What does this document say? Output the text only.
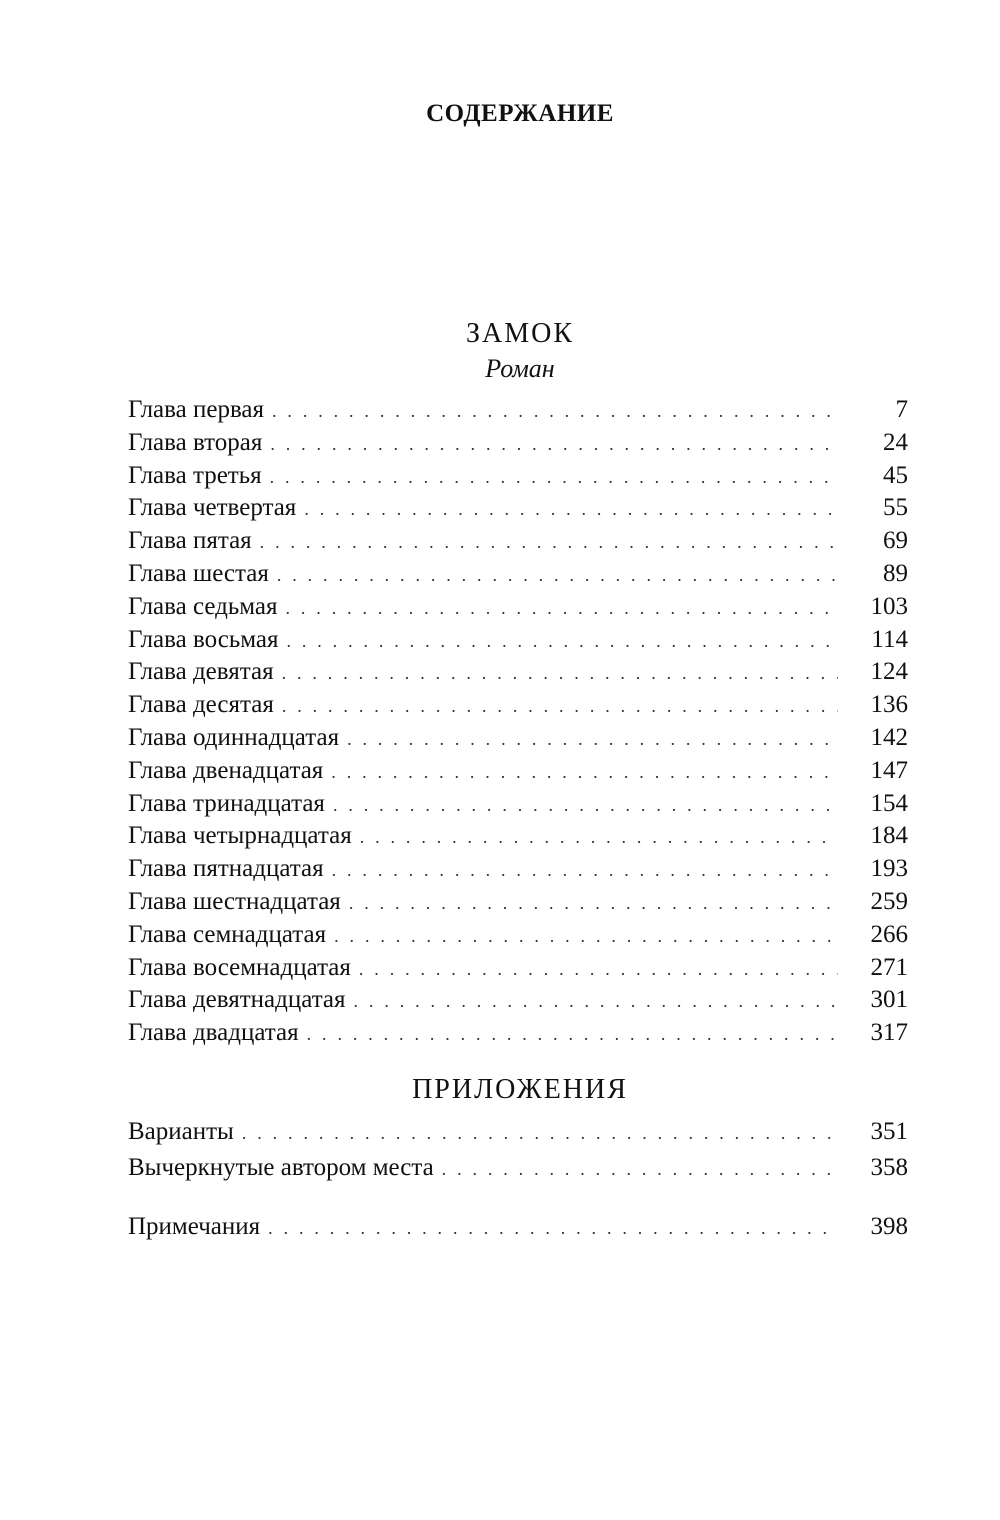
СОДЕРЖАНИЕ
ЗАМОК
Роман
Глава первая . . .	7
Глава вторая . . .	24
Глава третья . . .	45
Глава четвертая . . .	55
Глава пятая . . .	69
Глава шестая . . .	89
Глава седьмая . . .	103
Глава восьмая . . .	114
Глава девятая . . .	124
Глава десятая . . .	136
Глава одиннадцатая . . .	142
Глава двенадцатая . . .	147
Глава тринадцатая . . .	154
Глава четырнадцатая . . .	184
Глава пятнадцатая . . .	193
Глава шестнадцатая . . .	259
Глава семнадцатая . . .	266
Глава восемнадцатая . . .	271
Глава девятнадцатая . . .	301
Глава двадцатая . . .	317
ПРИЛОЖЕНИЯ
Варианты . . .	351
Вычеркнутые автором места . . .	358
Примечания . . .	398
